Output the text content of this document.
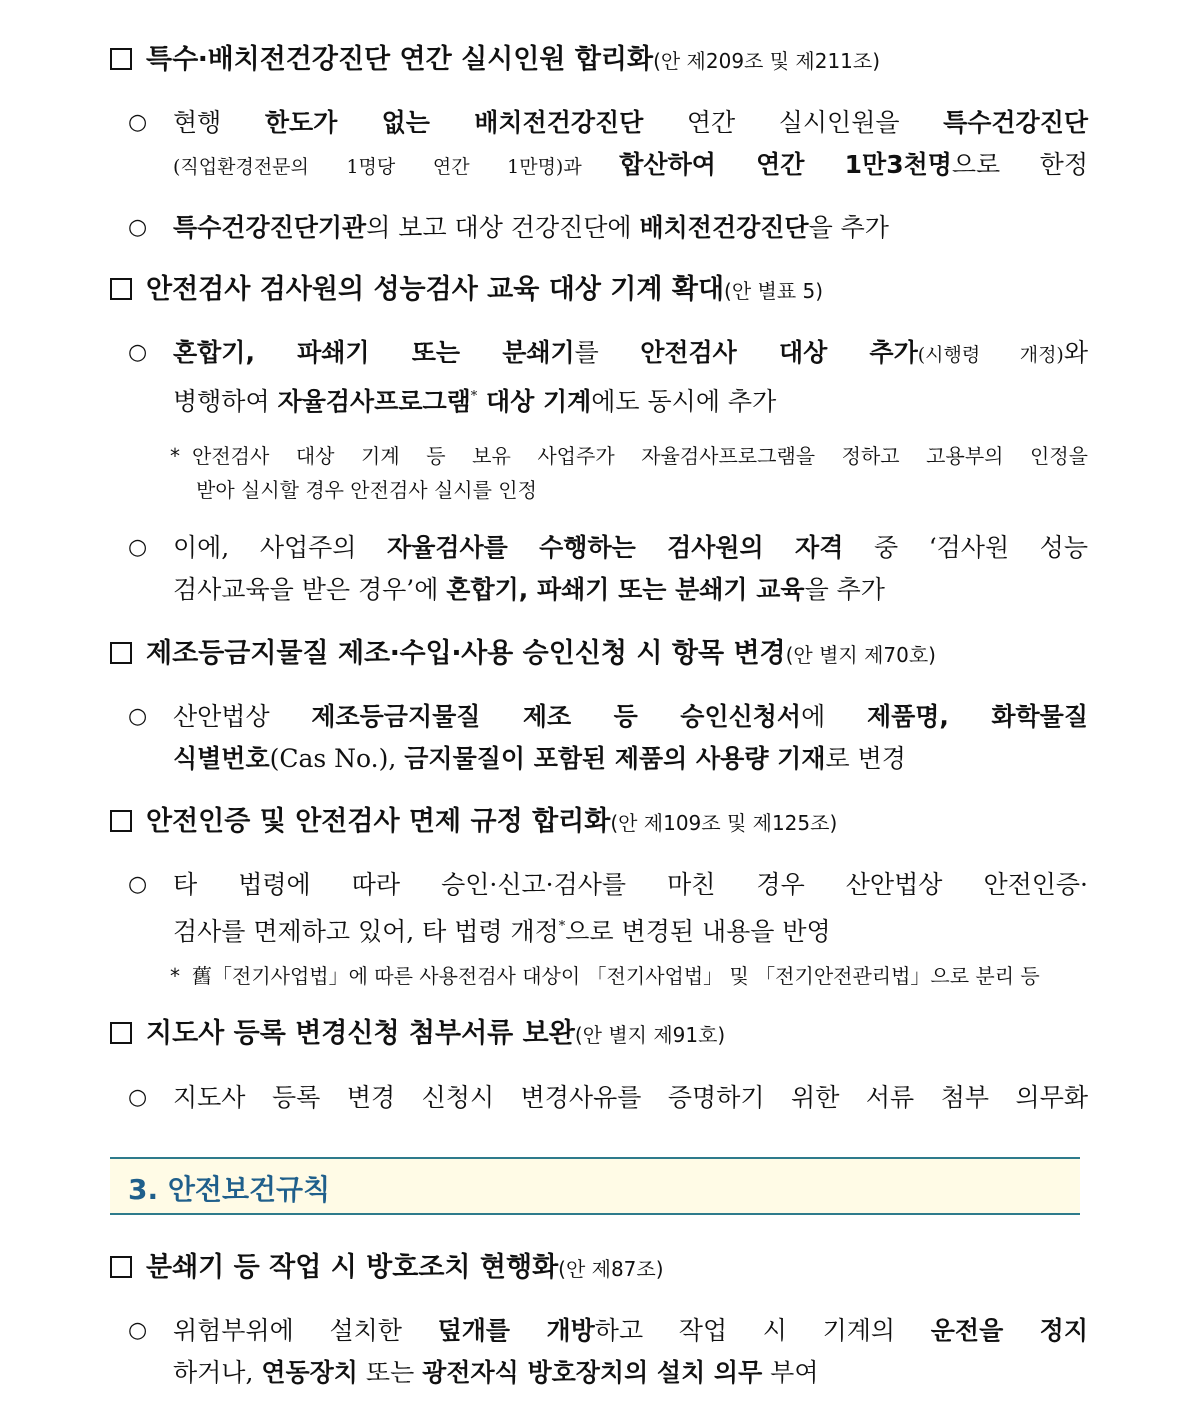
특수‧배치전건강진단 연간 실시인원 합리화(안 제209조 및 제211조)
○	현행 한도가 없는 배치전건강진단 연간 실시인원을 특수건강진단
(직업환경전문의 1명당 연간 1만명)과 합산하여 연간 1만3천명으로 한정
○	특수건강진단기관의 보고 대상 건강진단에 배치전건강진단을 추가
안전검사 검사원의 성능검사 교육 대상 기계 확대(안 별표 5)
○	혼합기, 파쇄기 또는 분쇄기를 안전검사 대상 추가(시행령 개정)와
병행하여 자율검사프로그램* 대상 기계에도 동시에 추가
* 안전검사 대상 기계 등 보유 사업주가 자율검사프로그램을 정하고 고용부의 인정을
받아 실시할 경우 안전검사 실시를 인정
○	이에, 사업주의 자율검사를 수행하는 검사원의 자격 중 ‘검사원 성능
검사교육을 받은 경우’에 혼합기, 파쇄기 또는 분쇄기 교육을 추가
제조등금지물질 제조‧수입‧사용 승인신청 시 항목 변경(안 별지 제70호)
○	산안법상 제조등금지물질 제조 등 승인신청서에 제품명, 화학물질
식별번호(Cas No.), 금지물질이 포함된 제품의 사용량 기재로 변경
안전인증 및 안전검사 면제 규정 합리화(안 제109조 및 제125조)
○	타 법령에 따라 승인·신고·검사를 마친 경우 산안법상 안전인증·
검사를 면제하고 있어, 타 법령 개정*으로 변경된 내용을 반영
* 舊「전기사업법」에 따른 사용전검사 대상이 「전기사업법」 및 「전기안전관리법」으로 분리 등
지도사 등록 변경신청 첨부서류 보완(안 별지 제91호)
○	지도사 등록 변경 신청시 변경사유를 증명하기 위한 서류 첨부 의무화
3. 안전보건규칙
분쇄기 등 작업 시 방호조치 현행화(안 제87조)
○	위험부위에 설치한 덮개를 개방하고 작업 시 기계의 운전을 정지
하거나, 연동장치 또는 광전자식 방호장치의 설치 의무 부여
